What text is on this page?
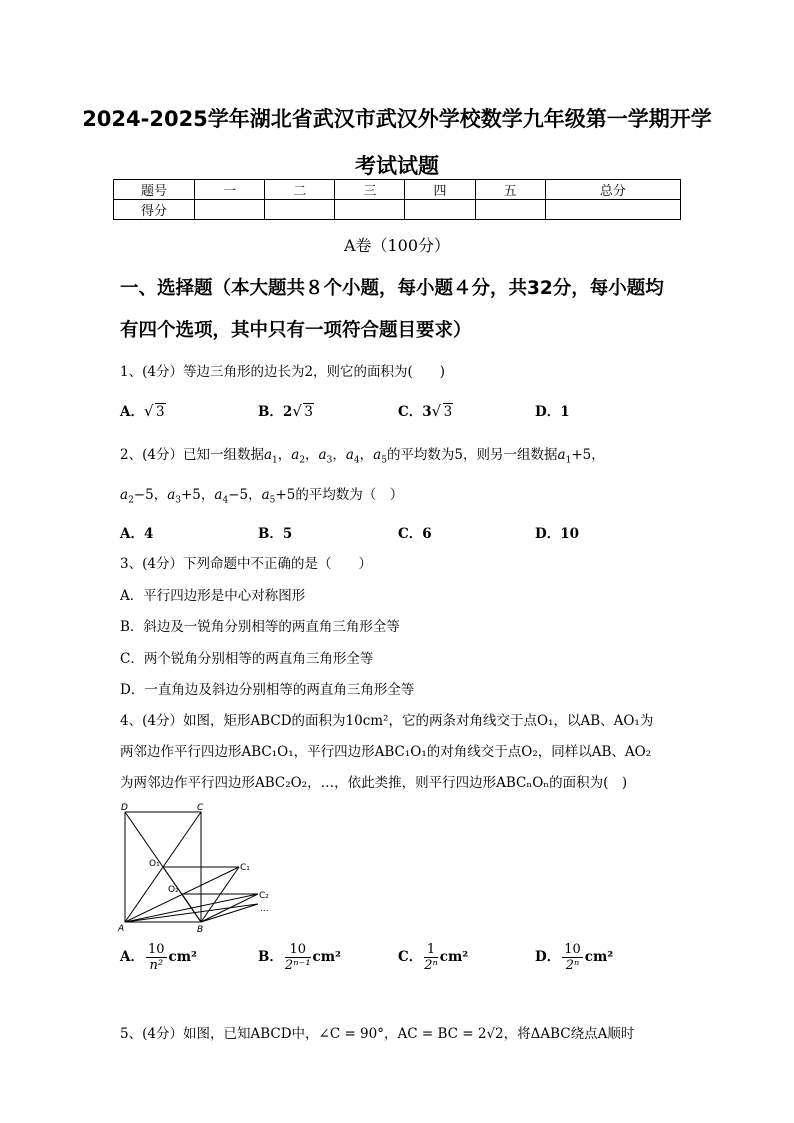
2024-2025学年湖北省武汉市武汉外学校数学九年级第一学期开学
考试试题
题号	一	二	三	四	五	总分
得分						
A卷（100分）
一、选择题（本大题共８个小题，每小题４分，共32分，每小题均
有四个选项，其中只有一项符合题目要求）
1、(4分）等边三角形的边长为2，则它的面积为(　　)
A． √ 3	B．2 √ 3	C．3 √ 3	D．1
2、(4分）已知一组数据$a_1$，$a_2$，$a_3$，$a_4$，$a_5$的平均数为5，则另一组数据$a_1+5$，
$a_2-5$，$a_3+5$，$a_4-5$，$a_5+5$的平均数为（　）
A．4	B．5	C．6	D．10
3、(4分）下列命题中不正确的是（　　）
A．平行四边形是中心对称图形
B．斜边及一锐角分别相等的两直角三角形全等
C．两个锐角分别相等的两直角三角形全等
D．一直角边及斜边分别相等的两直角三角形全等
4、(4分）如图，矩形ABCD的面积为10cm²，它的两条对角线交于点O₁，以AB、AO₁为
两邻边作平行四边形ABC₁O₁，平行四边形ABC₁O₁的对角线交于点O₂，同样以AB、AO₂
为两邻边作平行四边形ABC₂O₂，…，依此类推，则平行四边形ABCₙOₙ的面积为(　)
D	C
O₁
O₂
C₁
C₂
A	B
...
A． $\frac{10}{\text{n²}} cm^2$	B． $\frac{10}{\text{2ⁿ⁻¹}} cm^2$	C． $\frac{1}{\text{2ⁿ}} cm^2$	D． $\frac{10}{\text{2ⁿ}} cm^2$
5、(4分）如图，已知ABCD中，∠C = 90°，AC = BC = 2√2，将ΔABC绕点A顺时
